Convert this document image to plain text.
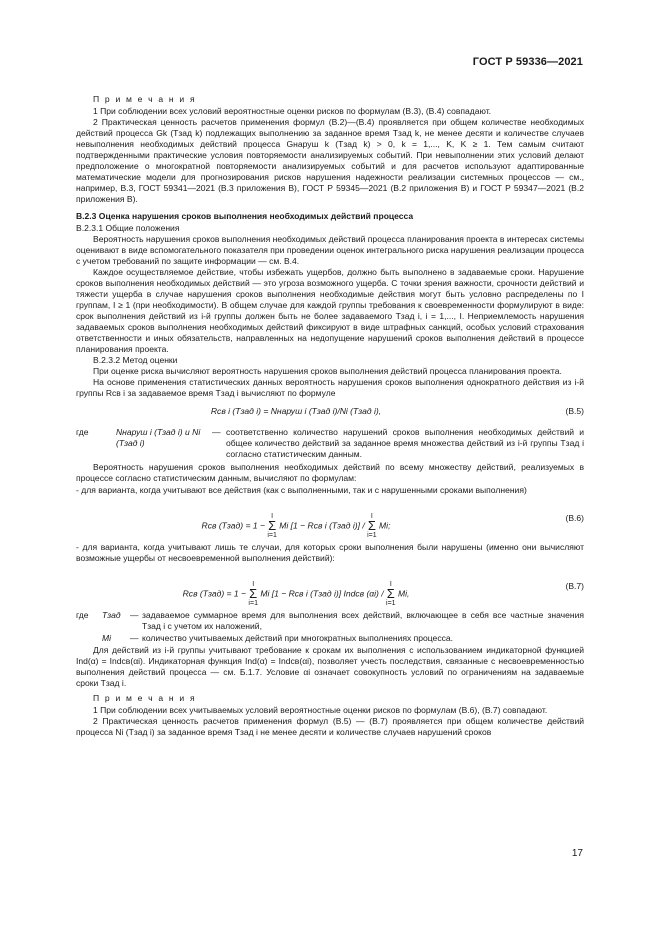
ГОСТ Р 59336—2021

П р и м е ч а н и я

1 При соблюдении всех условий вероятностные оценки рисков по формулам (В.3), (В.4) совпадают.

2 Практическая ценность расчетов применения формул (В.2)—(В.4) проявляется при общем количестве необходимых действий процесса Gk (Tзад k) подлежащих выполнению за заданное время Tзад k, не менее десяти и количестве случаев невыполнения необходимых действий процесса Gнаруш k (Tзад k) > 0, k = 1,..., K, K ≥ 1. Тем самым считают подтвержденными практические условия повторяемости анализируемых событий. При невыполнении этих условий делают предположение о многократной повторяемости анализируемых событий и для расчетов используют адаптированные математические модели для прогнозирования рисков нарушения надежности реализации системных процессов — см., например, В.3, ГОСТ 59341—2021 (В.3 приложения В), ГОСТ Р 59345—2021 (В.2 приложения В) и ГОСТ Р 59347—2021 (В.2 приложения В).

В.2.3 Оценка нарушения сроков выполнения необходимых действий процесса

В.2.3.1 Общие положения

Вероятность нарушения сроков выполнения необходимых действий процесса планирования проекта в интересах системы оценивают в виде вспомогательного показателя при проведении оценок интегрального риска нарушения реализации процесса с учетом требований по защите информации — см. В.4.

Каждое осуществляемое действие, чтобы избежать ущербов, должно быть выполнено в задаваемые сроки. Нарушение сроков выполнения необходимых действий — это угроза возможного ущерба. С точки зрения важности, срочности действий и тяжести ущерба в случае нарушения сроков выполнения необходимые действия могут быть условно распределены по I группам, I ≥ 1 (при необходимости). В общем случае для каждой группы требования к своевременности формулируют в виде: срок выполнения действий из i-й группы должен быть не более задаваемого Tзад i, i = 1,..., I. Неприемлемость нарушения задаваемых сроков выполнения необходимых действий фиксируют в виде штрафных санкций, особых условий страхования ответственности и иных обязательств, направленных на недопущение нарушений сроков выполнения действий в процессе планирования проекта.

В.2.3.2 Метод оценки

При оценке риска вычисляют вероятность нарушения сроков выполнения действий процесса планирования проекта.

На основе применения статистических данных вероятность нарушения сроков выполнения однократного действия из i-й группы Rсв i за задаваемое время Tзад i вычисляют по формуле

Rсв i (Tзад i) = Nнаруш i (Tзад i)/Ni (Tзад i),	(В.5)
где	Nнаруш i (Tзад i) и Ni (Tзад i)
— соответственно количество нарушений сроков выполнения необходимых действий и общее количество действий за заданное время множества действий из i-й группы Tзад i согласно статистическим данным.

Вероятность нарушения сроков выполнения необходимых действий по всему множеству действий, реализуемых в процессе согласно статистическим данным, вычисляют по формулам:

- для варианта, когда учитывают все действия (как с выполненными, так и с нарушенными сроками выполнения)

Rсв (Tзад) = 1 − I
Σ
i=1 Mi [1 − Rсв i (Tзад i)] / I
Σ
i=1 Mi;
(В.6)

- для варианта, когда учитывают лишь те случаи, для которых сроки выполнения были нарушены (именно они вычисляют возможные ущербы от несвоевременной выполнения действий):

Rсв (Tзад) = 1 − I
Σ
i=1 Mi [1 − Rсв i (Tзад i)] Indсв (αi) / I
Σ
i=1 Mi,
(В.7)
где	Tзад	— задаваемое суммарное время для выполнения всех действий, включающее в себя все частные значения Tзад i с учетом их наложений,
Mi	— количество учитываемых действий при многократных выполнениях процесса.

Для действий из i-й группы учитывают требование к срокам их выполнения с использованием индикаторной функцией Ind(α) = Indсв(αi). Индикаторная функция Ind(α) = Indсв(αi), позволяет учесть последствия, связанные с несвоевременностью выполнения действий процесса — см. Б.1.7. Условие αi означает совокупность условий по ограничениям на задаваемые сроки Tзад i.

П р и м е ч а н и я

1 При соблюдении всех учитываемых условий вероятностные оценки рисков по формулам (В.6), (В.7) совпадают.

2 Практическая ценность расчетов применения формул (В.5) — (В.7) проявляется при общем количестве действий процесса Ni (Tзад i) за заданное время Tзад i не менее десяти и количестве случаев нарушений сроков

17
